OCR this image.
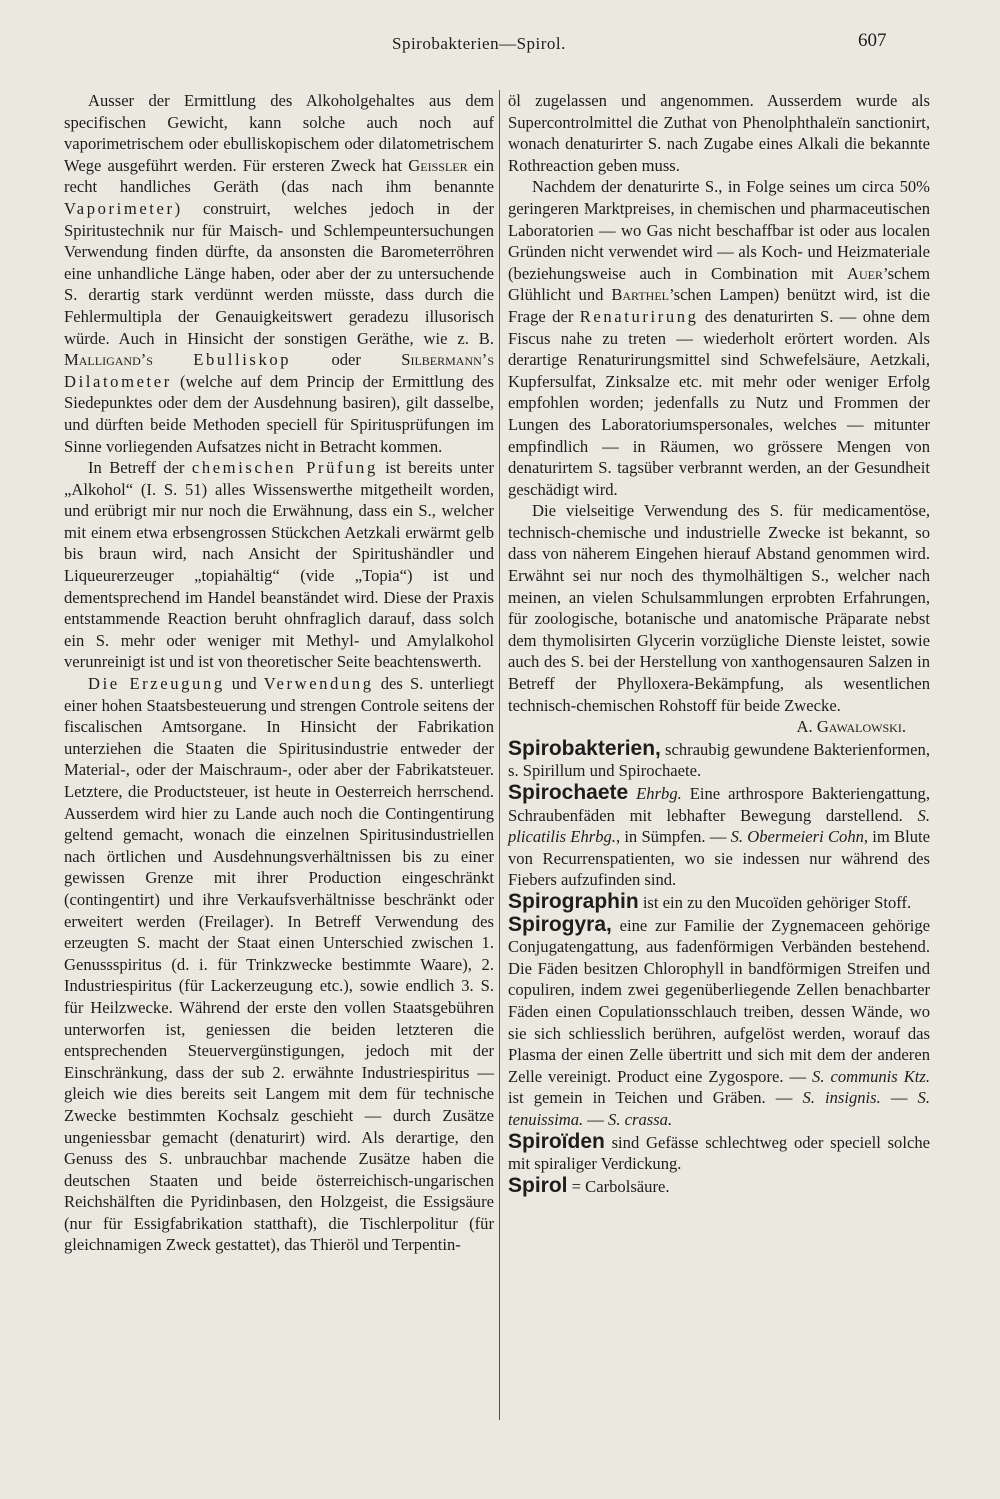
Spirobakterien—Spirol.	607

Ausser der Ermittlung des Alkoholgehaltes aus dem specifischen Gewicht, kann solche auch noch auf vaporimetrischem oder ebulliskopischem oder dilatometrischem Wege ausgeführt werden. Für ersteren Zweck hat Geissler ein recht handliches Geräth (das nach ihm benannte Vaporimeter) construirt, welches jedoch in der Spiritustechnik nur für Maisch- und Schlempeuntersuchungen Verwendung finden dürfte, da ansonsten die Barometerröhren eine unhandliche Länge haben, oder aber der zu untersuchende S. derartig stark verdünnt werden müsste, dass durch die Fehlermultipla der Genauigkeitswert geradezu illusorisch würde. Auch in Hinsicht der sonstigen Geräthe, wie z. B. Malligand’s Ebulliskop oder Silbermann’s Dilatometer (welche auf dem Princip der Ermittlung des Siedepunktes oder dem der Ausdehnung basiren), gilt dasselbe, und dürften beide Methoden speciell für Spiritusprüfungen im Sinne vorliegenden Aufsatzes nicht in Betracht kommen.

In Betreff der chemischen Prüfung ist bereits unter „Alkohol“ (I. S. 51) alles Wissenswerthe mitgetheilt worden, und erübrigt mir nur noch die Erwähnung, dass ein S., welcher mit einem etwa erbsengrossen Stückchen Aetzkali erwärmt gelb bis braun wird, nach Ansicht der Spiritushändler und Liqueurerzeuger „topiahältig“ (vide „Topia“) ist und dementsprechend im Handel beanständet wird. Diese der Praxis entstammende Reaction beruht ohnfraglich darauf, dass solch ein S. mehr oder weniger mit Methyl- und Amylalkohol verunreinigt ist und ist von theoretischer Seite beachtenswerth.

Die Erzeugung und Verwendung des S. unterliegt einer hohen Staatsbesteuerung und strengen Controle seitens der fiscalischen Amtsorgane. In Hinsicht der Fabrikation unterziehen die Staaten die Spiritusindustrie entweder der Material-, oder der Maischraum-, oder aber der Fabrikatsteuer. Letztere, die Productsteuer, ist heute in Oesterreich herrschend. Ausserdem wird hier zu Lande auch noch die Contingentirung geltend gemacht, wonach die einzelnen Spiritusindustriellen nach örtlichen und Ausdehnungsverhältnissen bis zu einer gewissen Grenze mit ihrer Production eingeschränkt (contingentirt) und ihre Verkaufsverhältnisse beschränkt oder erweitert werden (Freilager). In Betreff Verwendung des erzeugten S. macht der Staat einen Unterschied zwischen 1. Genussspiritus (d. i. für Trinkzwecke bestimmte Waare), 2. Industriespiritus (für Lackerzeugung etc.), sowie endlich 3. S. für Heilzwecke. Während der erste den vollen Staatsgebühren unterworfen ist, geniessen die beiden letzteren die entsprechenden Steuervergünstigungen, jedoch mit der Einschränkung, dass der sub 2. erwähnte Industriespiritus — gleich wie dies bereits seit Langem mit dem für technische Zwecke bestimmten Kochsalz geschieht — durch Zusätze ungeniessbar gemacht (denaturirt) wird. Als derartige, den Genuss des S. unbrauchbar machende Zusätze haben die deutschen Staaten und beide österreichisch-ungarischen Reichshälften die Pyridinbasen, den Holzgeist, die Essigsäure (nur für Essigfabrikation statthaft), die Tischlerpolitur (für gleichnamigen Zweck gestattet), das Thieröl und Terpentin-

öl zugelassen und angenommen. Ausserdem wurde als Supercontrolmittel die Zuthat von Phenolphthaleïn sanctionirt, wonach denaturirter S. nach Zugabe eines Alkali die bekannte Rothreaction geben muss.

Nachdem der denaturirte S., in Folge seines um circa 50% geringeren Marktpreises, in chemischen und pharmaceutischen Laboratorien — wo Gas nicht beschaffbar ist oder aus localen Gründen nicht verwendet wird — als Koch- und Heizmateriale (beziehungsweise auch in Combination mit Auer’schem Glühlicht und Barthel’schen Lampen) benützt wird, ist die Frage der Renaturirung des denaturirten S. — ohne dem Fiscus nahe zu treten — wiederholt erörtert worden. Als derartige Renaturirungsmittel sind Schwefelsäure, Aetzkali, Kupfersulfat, Zinksalze etc. mit mehr oder weniger Erfolg empfohlen worden; jedenfalls zu Nutz und Frommen der Lungen des Laboratoriumspersonales, welches — mitunter empfindlich — in Räumen, wo grössere Mengen von denaturirtem S. tagsüber verbrannt werden, an der Gesundheit geschädigt wird.

Die vielseitige Verwendung des S. für medicamentöse, technisch-chemische und industrielle Zwecke ist bekannt, so dass von näherem Eingehen hierauf Abstand genommen wird. Erwähnt sei nur noch des thymolhältigen S., welcher nach meinen, an vielen Schulsammlungen erprobten Erfahrungen, für zoologische, botanische und anatomische Präparate nebst dem thymolisirten Glycerin vorzügliche Dienste leistet, sowie auch des S. bei der Herstellung von xanthogensauren Salzen in Betreff der Phylloxera-Bekämpfung, als wesentlichen technisch-chemischen Rohstoff für beide Zwecke.

A. Gawalowski.

Spirobakterien, schraubig gewundene Bakterienformen, s. Spirillum und Spirochaete.

Spirochaete Ehrbg. Eine arthrospore Bakteriengattung, Schraubenfäden mit lebhafter Bewegung darstellend. S. plicatilis Ehrbg., in Sümpfen. — S. Obermeieri Cohn, im Blute von Recurrenspatienten, wo sie indessen nur während des Fiebers aufzufinden sind.

Spirographin ist ein zu den Mucoïden gehöriger Stoff.

Spirogyra, eine zur Familie der Zygnemaceen gehörige Conjugatengattung, aus fadenförmigen Verbänden bestehend. Die Fäden besitzen Chlorophyll in bandförmigen Streifen und copuliren, indem zwei gegenüberliegende Zellen benachbarter Fäden einen Copulationsschlauch treiben, dessen Wände, wo sie sich schliesslich berühren, aufgelöst werden, worauf das Plasma der einen Zelle übertritt und sich mit dem der anderen Zelle vereinigt. Product eine Zygospore. — S. communis Ktz. ist gemein in Teichen und Gräben. — S. insignis. — S. tenuissima. — S. crassa.

Spiroïden sind Gefässe schlechtweg oder speciell solche mit spiraliger Verdickung.

Spirol = Carbolsäure.
